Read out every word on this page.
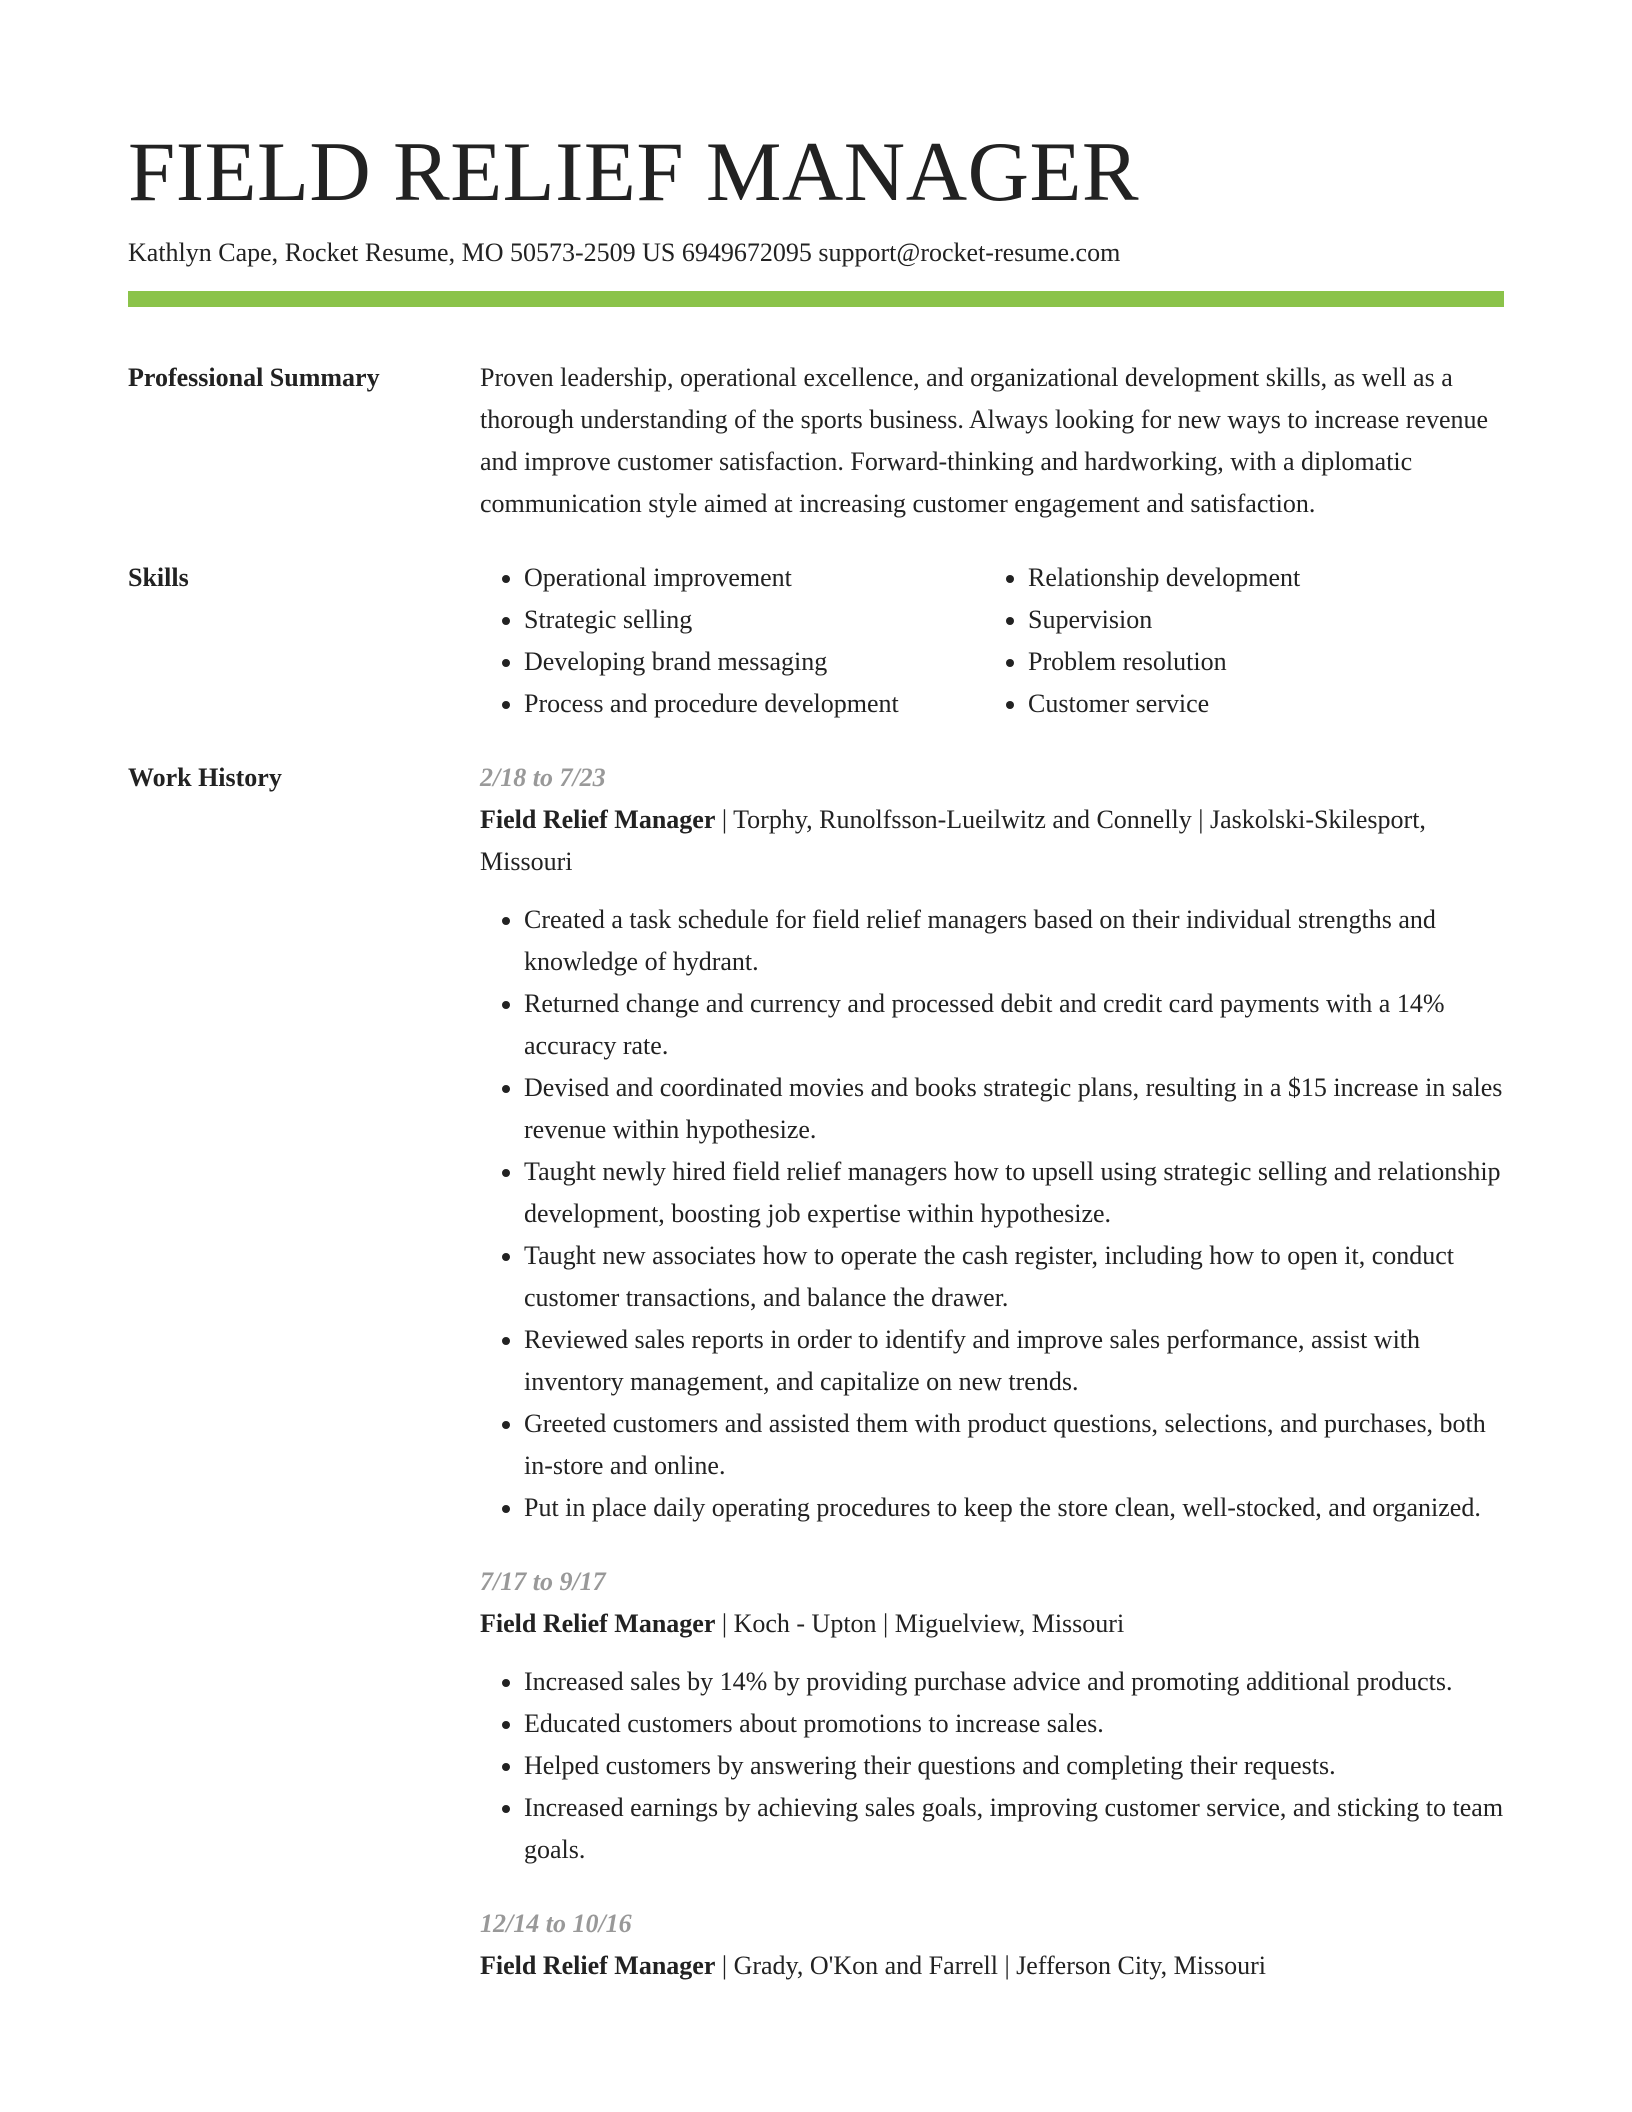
FIELD RELIEF MANAGER
Kathlyn Cape, Rocket Resume, MO 50573-2509 US 6949672095 support@rocket-resume.com
Professional Summary	Proven leadership, operational excellence, and organizational development skills, as well as a thorough understanding of the sports business. Always looking for new ways to increase revenue and improve customer satisfaction. Forward-thinking and hardworking, with a diplomatic communication style aimed at increasing customer engagement and satisfaction.

Skills
•	Operational improvement
• Strategic selling
• Developing brand messaging
• Process and procedure development
• Relationship development
• Supervision
• Problem resolution
• Customer service
Work History	2/18 to 7/23
Field Relief Manager | Torphy, Runolfsson-Lueilwitz and Connelly | Jaskolski-Skilesport, Missouri
• Created a task schedule for field relief managers based on their individual strengths and knowledge of hydrant.
• Returned change and currency and processed debit and credit card payments with a 14% accuracy rate.
• Devised and coordinated movies and books strategic plans, resulting in a $15 increase in sales revenue within hypothesize.
• Taught newly hired field relief managers how to upsell using strategic selling and relationship development, boosting job expertise within hypothesize.
• Taught new associates how to operate the cash register, including how to open it, conduct customer transactions, and balance the drawer.
• Reviewed sales reports in order to identify and improve sales performance, assist with inventory management, and capitalize on new trends.
• Greeted customers and assisted them with product questions, selections, and purchases, both in-store and online.
• Put in place daily operating procedures to keep the store clean, well-stocked, and organized.
7/17 to 9/17
Field Relief Manager | Koch - Upton | Miguelview, Missouri
• Increased sales by 14% by providing purchase advice and promoting additional products.
• Educated customers about promotions to increase sales.
• Helped customers by answering their questions and completing their requests.
• Increased earnings by achieving sales goals, improving customer service, and sticking to team goals.
12/14 to 10/16
Field Relief Manager | Grady, O'Kon and Farrell | Jefferson City, Missouri
